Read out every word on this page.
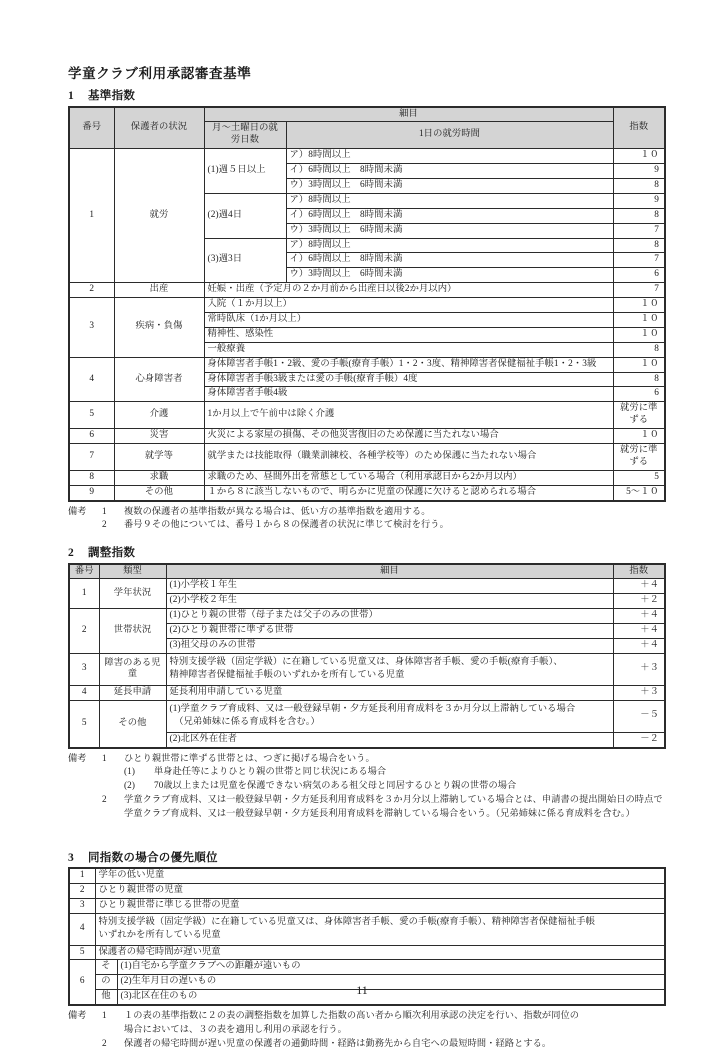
学童クラブ利用承認審査基準
1 基準指数
番号	保護者の状況	細目		指数
		月～土曜日の就労日数	1日の就労時間	
1	就労	(1)週５日以上	ア）8時間以上	１０
			イ）6時間以上　8時間未満	9
			ウ）3時間以上　6時間未満	8
		(2)週4日	ア）8時間以上	9
			イ）6時間以上　8時間未満	8
			ウ）3時間以上　6時間未満	7
		(3)週3日	ア）8時間以上	8
			イ）6時間以上　8時間未満	7
			ウ）3時間以上　6時間未満	6
2	出産	妊娠・出産（予定月の２か月前から出産日以後2か月以内）		7
3	疾病・負傷	入院（１か月以上）		１０
		常時臥床（1か月以上）		１０
		精神性、感染性		１０
		一般療養		8
4	心身障害者	身体障害者手帳1・2級、愛の手帳(療育手帳）1・2・3度、精神障害者保健福祉手帳1・2・3級		１０
		身体障害者手帳3級または愛の手帳(療育手帳）4度		8
		身体障害者手帳4級		6
5	介護	1か月以上で午前中は除く介護		就労に準ずる
6	災害	火災による家屋の損傷、その他災害復旧のため保護に当たれない場合		１０
7	就学等	就学または技能取得（職業訓練校、各種学校等）のため保護に当たれない場合		就労に準ずる
8	求職	求職のため、昼間外出を常態としている場合（利用承認日から2か月以内）		5
9	その他	１から８に該当しないもので、明らかに児童の保護に欠けると認められる場合		5～１０
備考	1	複数の保護者の基準指数が異なる場合は、低い方の基準指数を適用する。
2	番号９その他については、番号１から８の保護者の状況に準じて検討を行う。
2 調整指数
番号	類型	細目	指数
1	学年状況	(1)小学校１年生	＋４
		(2)小学校２年生	＋２
2	世帯状況	(1)ひとり親の世帯（母子または父子のみの世帯）	＋４
		(2)ひとり親世帯に準ずる世帯	＋４
		(3)祖父母のみの世帯	＋４
3	障害のある児童	特別支援学級（固定学級）に在籍している児童又は、身体障害者手帳、愛の手帳(療育手帳）、
精神障害者保健福祉手帳のいずれかを所有している児童	＋３
4	延長申請	延長利用申請している児童	＋３
5	その他	(1)学童クラブ育成料、又は一般登録早朝・夕方延長利用育成料を３か月分以上滞納している場合
　（兄弟姉妹に係る育成料を含む。）	－５
		(2)北区外在住者	－２
備考	1	ひとり親世帯に準ずる世帯とは、つぎに掲げる場合をいう。
(1)	単身赴任等によりひとり親の世帯と同じ状況にある場合
(2)	70歳以上または児童を保護できない病気のある祖父母と同居するひとり親の世帯の場合
2	学童クラブ育成料、又は一般登録早朝・夕方延長利用育成料を３か月分以上滞納している場合とは、申請書の提出開始日の時点で
学童クラブ育成料、又は一般登録早朝・夕方延長利用育成料を滞納している場合をいう。（兄弟姉妹に係る育成料を含む。）
3 同指数の場合の優先順位
1	学年の低い児童	
2	ひとり親世帯の児童	
3	ひとり親世帯に準じる世帯の児童	
4	特別支援学級（固定学級）に在籍している児童又は、身体障害者手帳、愛の手帳(療育手帳）、精神障害者保健福祉手帳
いずれかを所有している児童	

5	保護者の帰宅時間が遅い児童	
6	そ	(1)自宅から学童クラブへの距離が遠いもの
	の	(2)生年月日の遅いもの
	他	(3)北区在住のもの
備考	1	１の表の基準指数に２の表の調整指数を加算した指数の高い者から順次利用承認の決定を行い、指数が同位の
場合においては、３の表を適用し利用の承認を行う。
2	保護者の帰宅時間が遅い児童の保護者の通勤時間・経路は勤務先から自宅への最短時間・経路とする。
11
